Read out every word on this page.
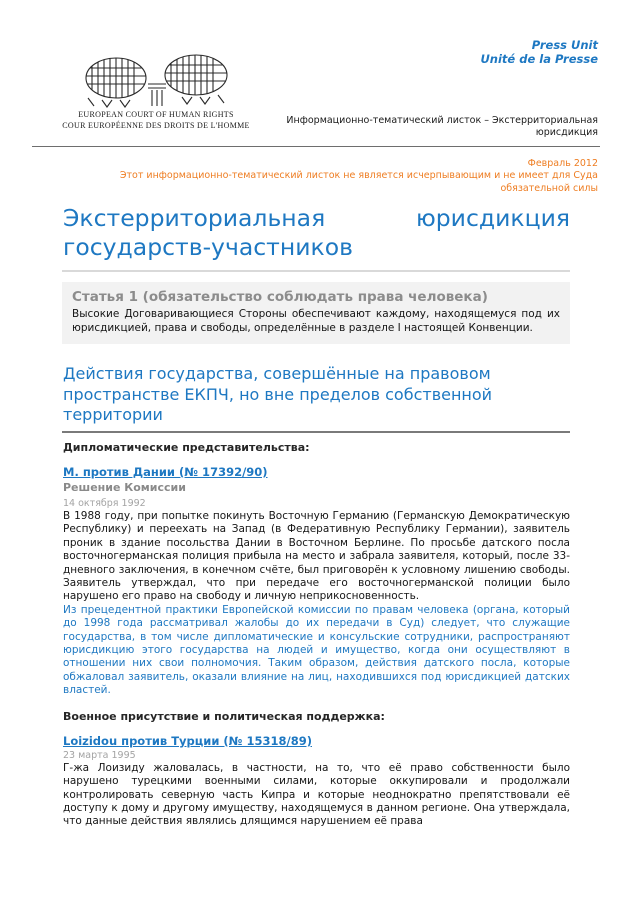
Press Unit
Unité de la Presse
EUROPEAN COURT OF HUMAN RIGHTS
COUR EUROPÉENNE DES DROITS DE L'HOMME	Информационно-тематический листок – Экстерриториальная юрисдикция
Февраль 2012
Этот информационно-тематический листок не является исчерпывающим и не имеет для Суда обязательной силы
Экстерриториальная юрисдикция государств-участников
Статья 1 (обязательство соблюдать права человека)
Высокие Договаривающиеся Стороны обеспечивают каждому, находящемуся под их юрисдикцией, права и свободы, определённые в разделе I настоящей Конвенции.
Действия государства, совершённые на правовом пространстве ЕКПЧ, но вне пределов собственной территории
Дипломатические представительства:
М. против Дании (№ 17392/90)
Решение Комиссии
14 октября 1992

В 1988 году, при попытке покинуть Восточную Германию (Германскую Демократическую Республику) и переехать на Запад (в Федеративную Республику Германии), заявитель проник в здание посольства Дании в Восточном Берлине. По просьбе датского посла восточногерманская полиция прибыла на место и забрала заявителя, который, после 33-дневного заключения, в конечном счёте, был приговорён к условному лишению свободы. Заявитель утверждал, что при передаче его восточногерманской полиции было нарушено его право на свободу и личную неприкосновенность.

Из прецедентной практики Европейской комиссии по правам человека (органа, который до 1998 года рассматривал жалобы до их передачи в Суд) следует, что служащие государства, в том числе дипломатические и консульские сотрудники, распространяют юрисдикцию этого государства на людей и имущество, когда они осуществляют в отношении них свои полномочия. Таким образом, действия датского посла, которые обжаловал заявитель, оказали влияние на лиц, находившихся под юрисдикцией датских властей.

Военное присутствие и политическая поддержка:
Loizidou против Турции (№ 15318/89)
23 марта 1995

Г-жа Лоизиду жаловалась, в частности, на то, что её право собственности было нарушено турецкими военными силами, которые оккупировали и продолжали контролировать северную часть Кипра и которые неоднократно препятствовали её доступу к дому и другому имуществу, находящемуся в данном регионе. Она утверждала, что данные действия являлись длящимся нарушением её права
